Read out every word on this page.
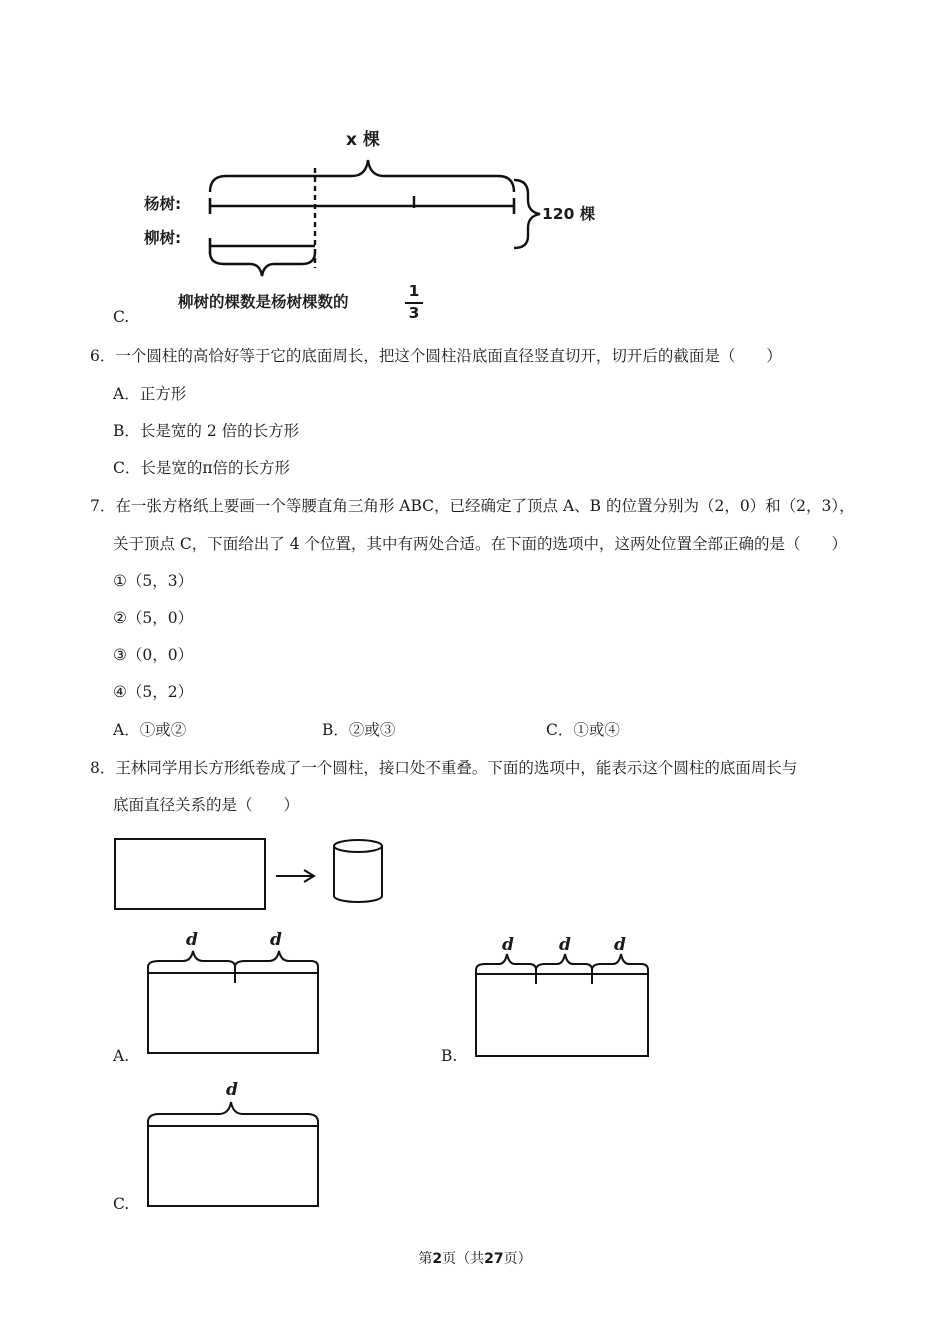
x 棵
杨树:
柳树:
120 棵
柳树的棵数是杨树棵数的
1
3
C.
6．一个圆柱的高恰好等于它的底面周长，把这个圆柱沿底面直径竖直切开，切开后的截面是（　　）
A．正方形
B．长是宽的 2 倍的长方形
C．长是宽的π倍的长方形
7．在一张方格纸上要画一个等腰直角三角形 ABC，已经确定了顶点 A、B 的位置分别为（2，0）和（2，3），
关于顶点 C，下面给出了 4 个位置，其中有两处合适。在下面的选项中，这两处位置全部正确的是（　　）
①（5，3）
②（5，0）
③（0，0）
④（5，2）
A．①或②	B．②或③	C．①或④
8．王林同学用长方形纸卷成了一个圆柱，接口处不重叠。下面的选项中，能表示这个圆柱的底面周长与
底面直径关系的是（　　）
d	d
A.
d	d	d
B.
d
C.
第2页（共27页）
